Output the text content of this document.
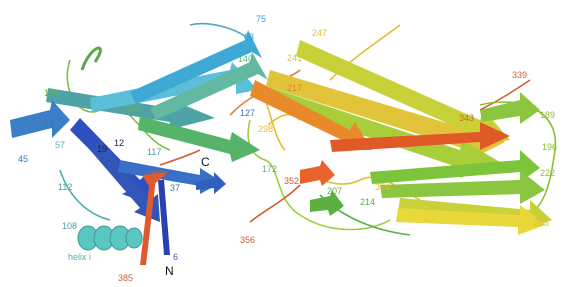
75
63
140
151
164
52
57
45
12
19	117
112
108
380
37
26
6
385
127
172
352
356
247
241
217
339
343	189
196
222
207
214
374
268
298
helix i
C
N
